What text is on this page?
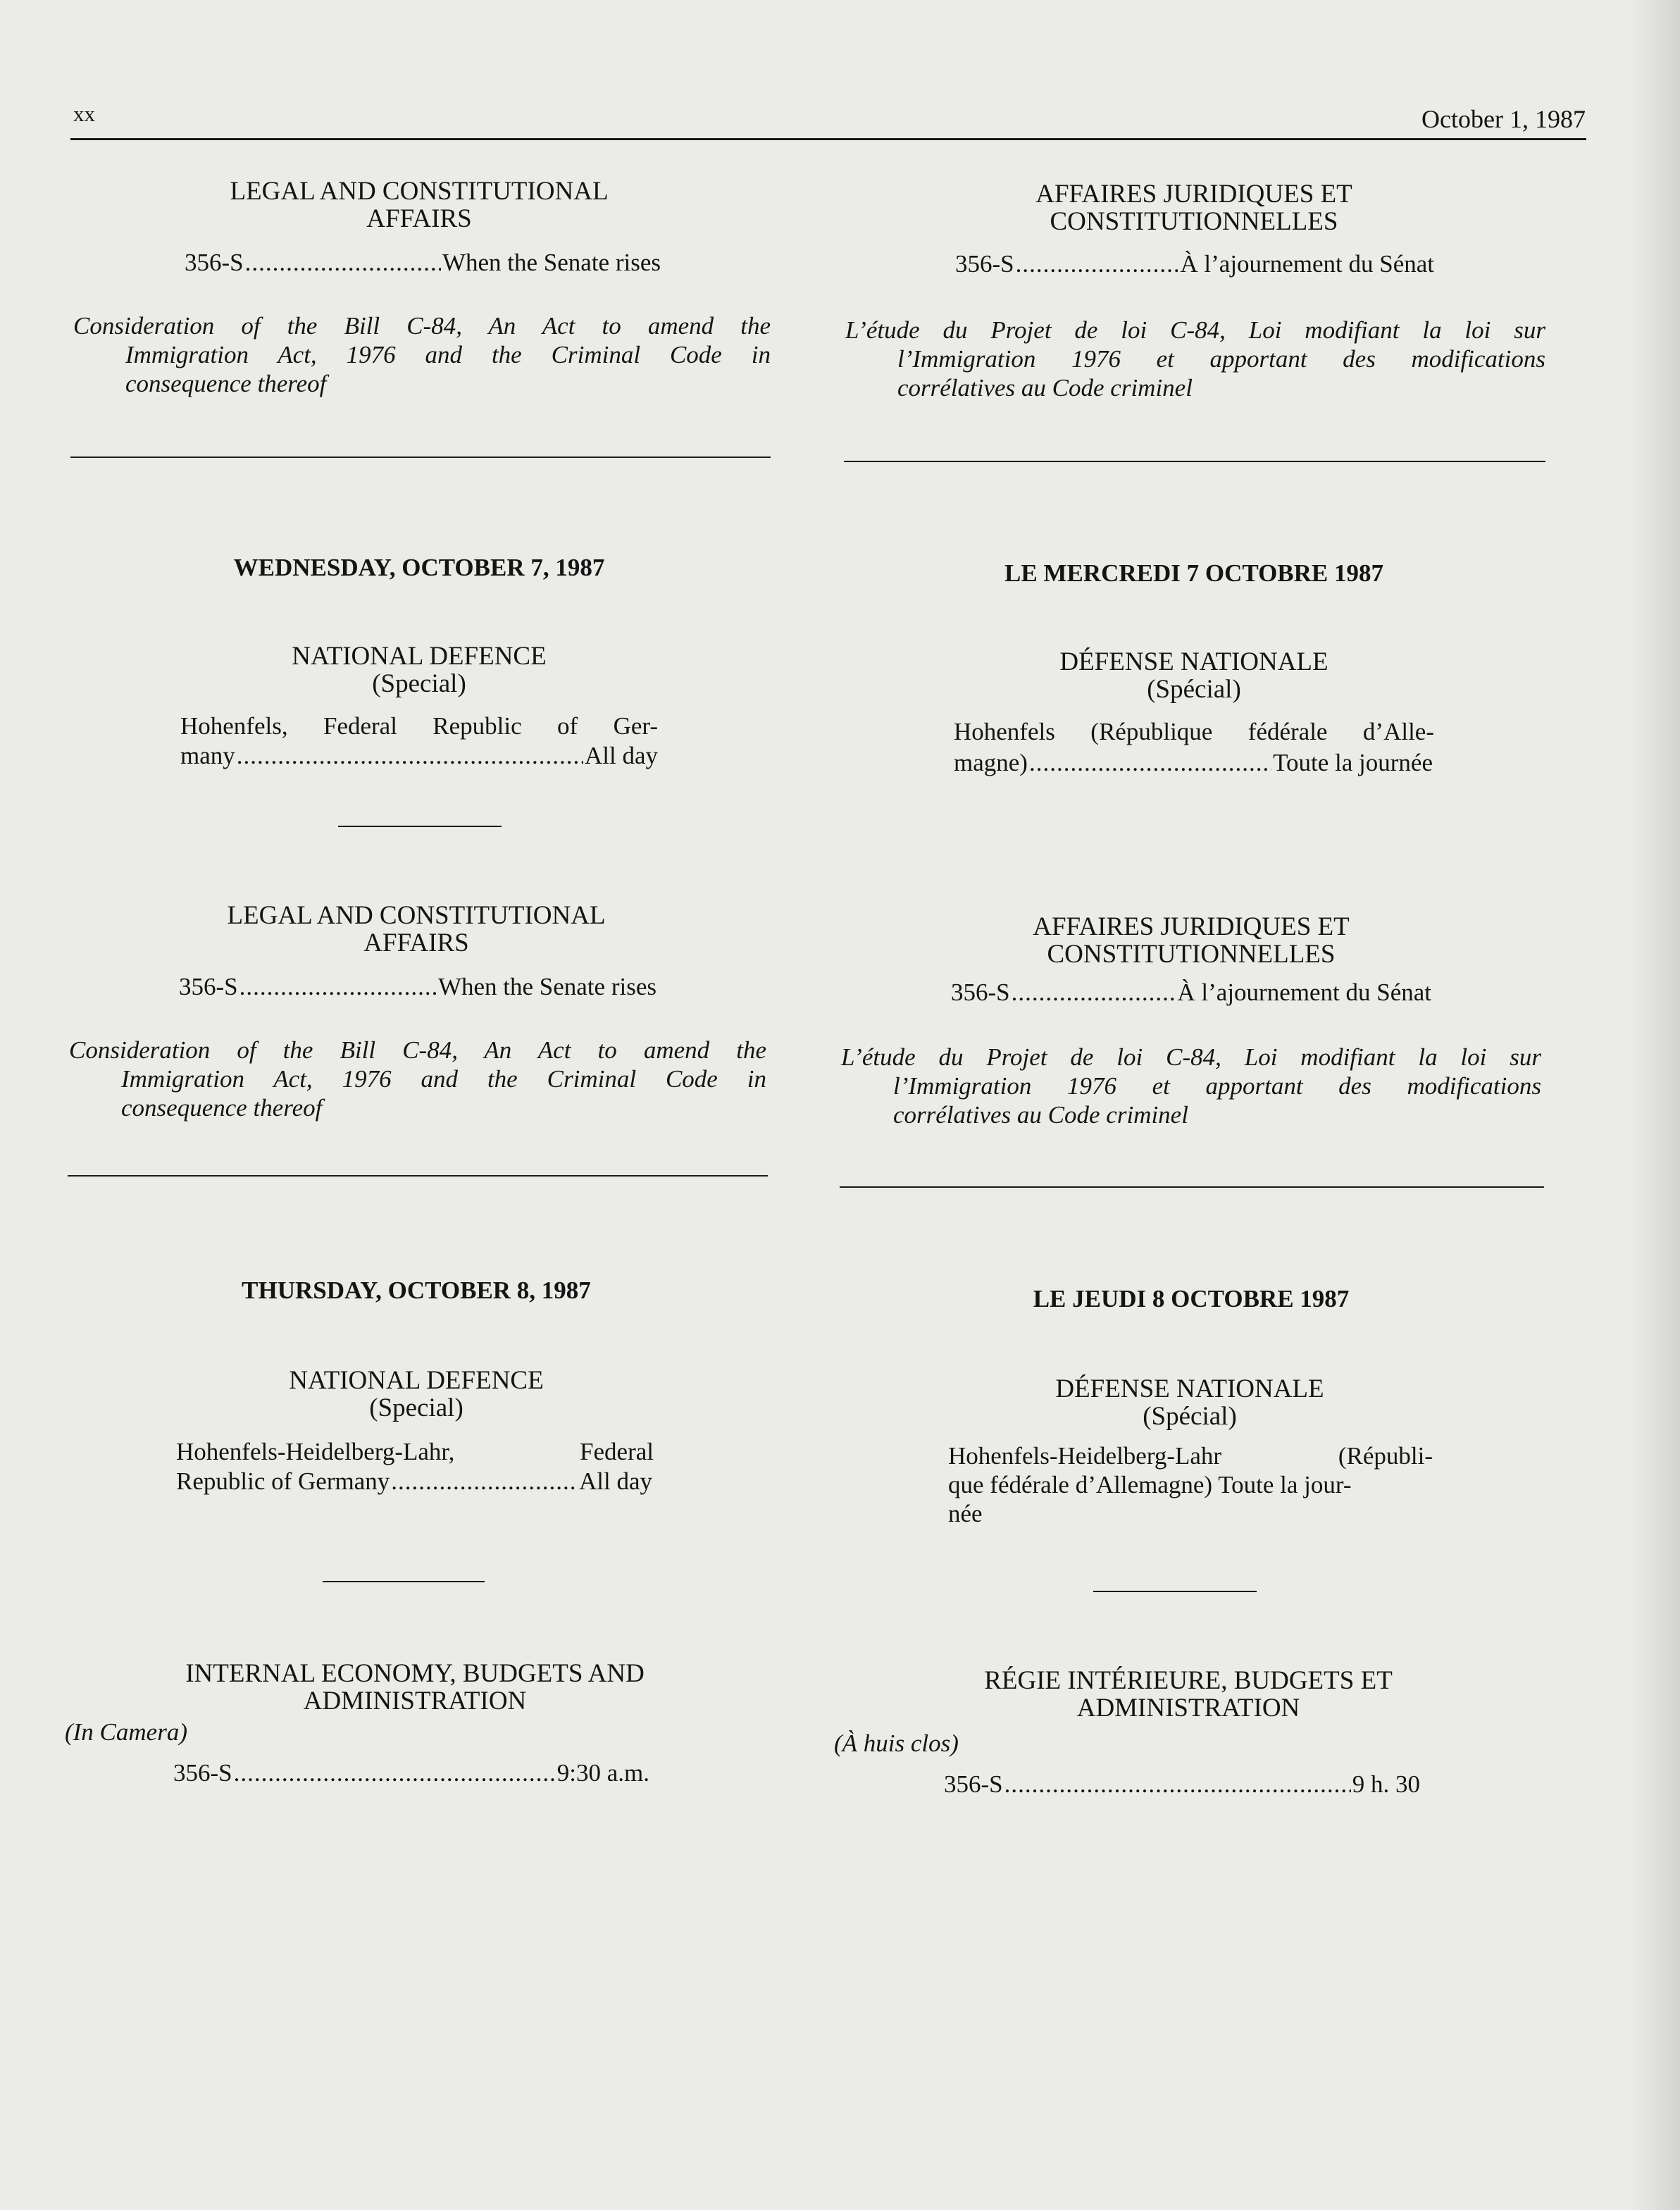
xx	October 1, 1987
LEGAL AND CONSTITUTIONAL
AFFAIRS
356-S .....	When the Senate rises
Consideration of the Bill C-84, An Act to amend the
Immigration Act, 1976 and the Criminal Code in
consequence thereof
WEDNESDAY, OCTOBER 7, 1987
NATIONAL DEFENCE
(Special)
Hohenfels, Federal Republic of Ger-
many .....	All day
LEGAL AND CONSTITUTIONAL
AFFAIRS
356-S .....	When the Senate rises
Consideration of the Bill C-84, An Act to amend the
Immigration Act, 1976 and the Criminal Code in
consequence thereof
THURSDAY, OCTOBER 8, 1987
NATIONAL DEFENCE
(Special)
Hohenfels-Heidelberg-Lahr, Federal
Republic of Germany .....	All day
INTERNAL ECONOMY, BUDGETS AND
ADMINISTRATION
(In Camera)
356-S .....	9:30 a.m.
AFFAIRES JURIDIQUES ET
CONSTITUTIONNELLES
356-S .....	À l’ajournement du Sénat
L’étude du Projet de loi C-84, Loi modifiant la loi sur
l’Immigration 1976 et apportant des modifications
corrélatives au Code criminel
LE MERCREDI 7 OCTOBRE 1987
DÉFENSE NATIONALE
(Spécial)
Hohenfels (République fédérale d’Alle-
magne) .....	Toute la journée
AFFAIRES JURIDIQUES ET
CONSTITUTIONNELLES
356-S .....	À l’ajournement du Sénat
L’étude du Projet de loi C-84, Loi modifiant la loi sur
l’Immigration 1976 et apportant des modifications
corrélatives au Code criminel
LE JEUDI 8 OCTOBRE 1987
DÉFENSE NATIONALE
(Spécial)
Hohenfels-Heidelberg-Lahr (Républi-
que fédérale d’Allemagne) Toute la jour-
née
RÉGIE INTÉRIEURE, BUDGETS ET
ADMINISTRATION
(À huis clos)
356-S .....	9 h. 30
